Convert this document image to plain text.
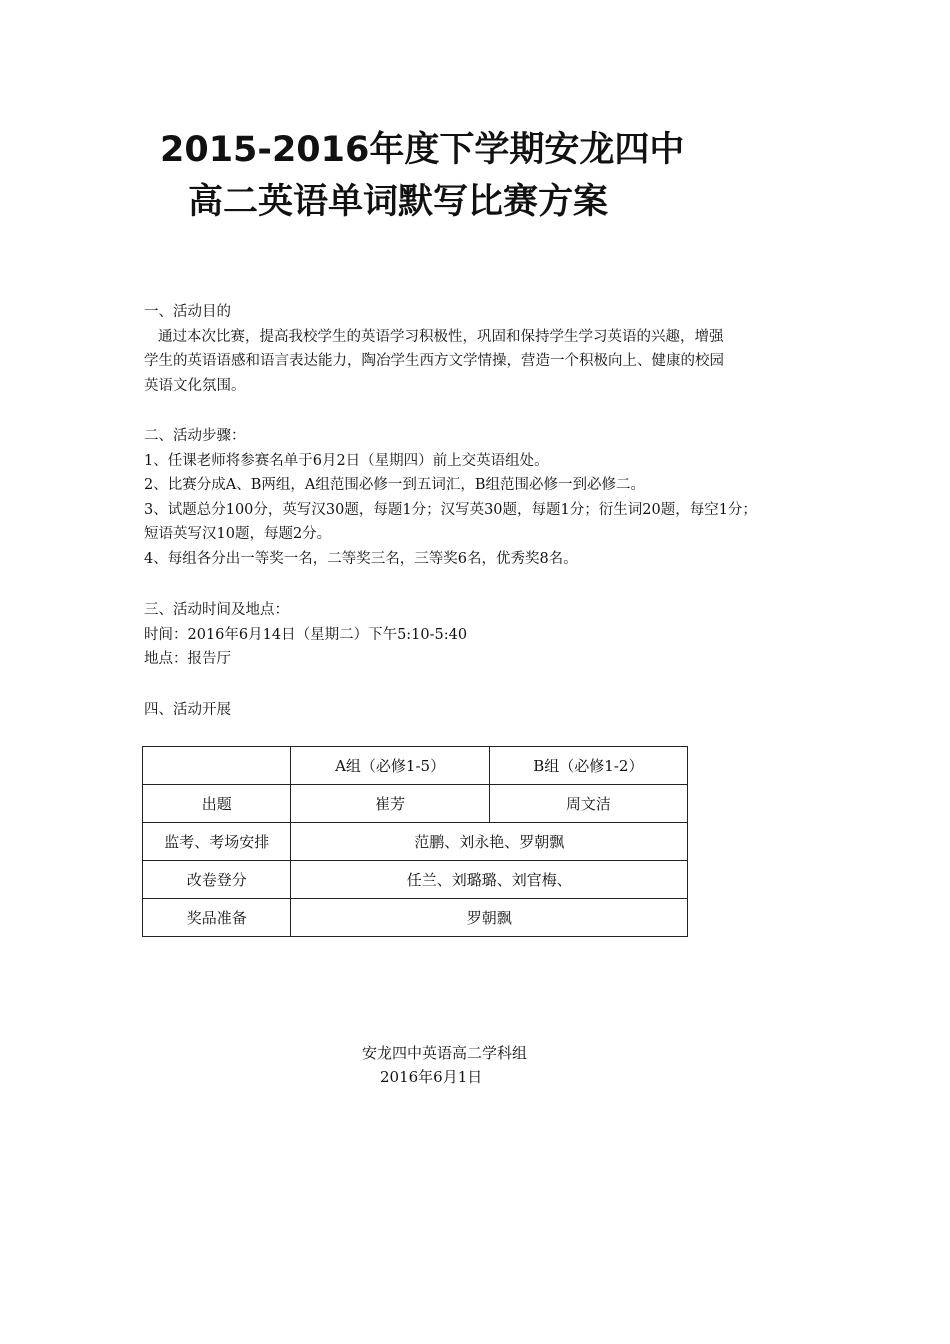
2015-2016年度下学期安龙四中
高二英语单词默写比赛方案
一、活动目的
通过本次比赛，提高我校学生的英语学习积极性，巩固和保持学生学习英语的兴趣，增强
学生的英语语感和语言表达能力，陶冶学生西方文学情操，营造一个积极向上、健康的校园
英语文化氛围。
二、活动步骤：
1、任课老师将参赛名单于6月2日（星期四）前上交英语组处。
2、比赛分成A、B两组，A组范围必修一到五词汇，B组范围必修一到必修二。
3、试题总分100分，英写汉30题，每题1分；汉写英30题，每题1分；衍生词20题，每空1分；
短语英写汉10题，每题2分。
4、每组各分出一等奖一名，二等奖三名，三等奖6名，优秀奖8名。
三、活动时间及地点：
时间：2016年6月14日（星期二）下午5:10-5:40
地点：报告厅
四、活动开展
	A组（必修1-5）	B组（必修1-2）
出题	崔芳	周文洁
监考、考场安排	范鹏、刘永艳、罗朝飘	
改卷登分	任兰、刘璐璐、刘官梅、	
奖品准备	罗朝飘	
安龙四中英语高二学科组
2016年6月1日
